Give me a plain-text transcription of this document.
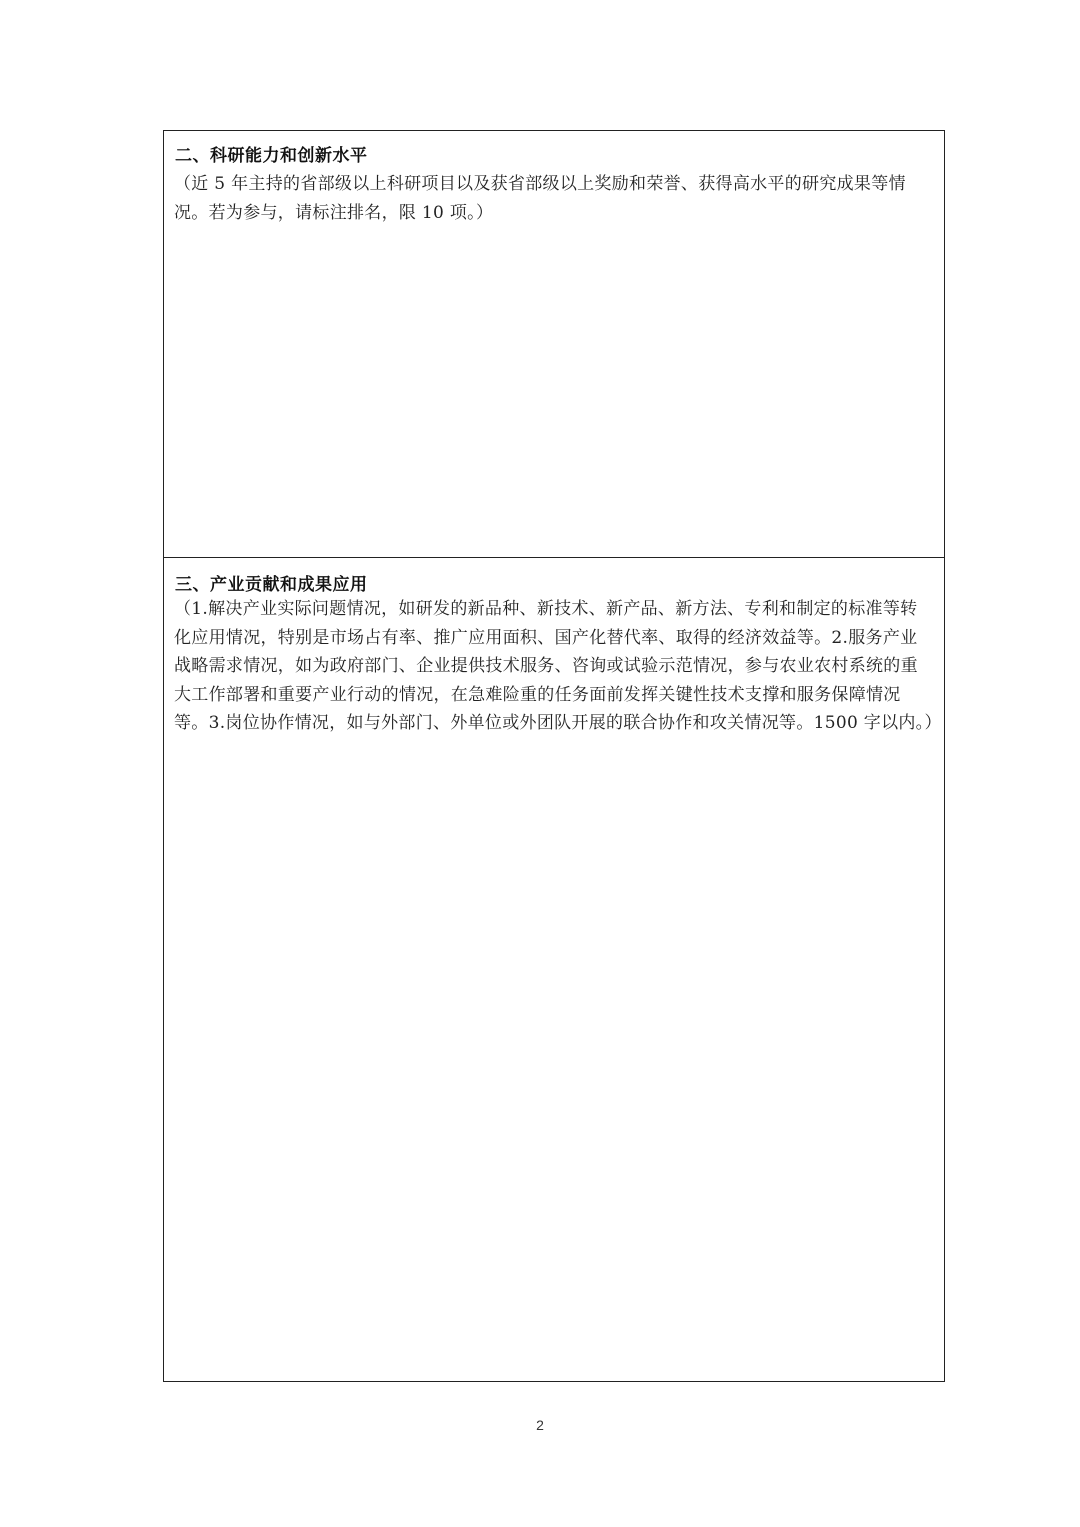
二、科研能力和创新水平
（近 5 年主持的省部级以上科研项目以及获省部级以上奖励和荣誉、获得高水平的研究成果等情况。若为参与，请标注排名，限 10 项。）
三、产业贡献和成果应用
（1.解决产业实际问题情况，如研发的新品种、新技术、新产品、新方法、专利和制定的标准等转化应用情况，特别是市场占有率、推广应用面积、国产化替代率、取得的经济效益等。2.服务产业战略需求情况，如为政府部门、企业提供技术服务、咨询或试验示范情况，参与农业农村系统的重大工作部署和重要产业行动的情况，在急难险重的任务面前发挥关键性技术支撑和服务保障情况等。3.岗位协作情况，如与外部门、外单位或外团队开展的联合协作和攻关情况等。1500 字以内。）
2
